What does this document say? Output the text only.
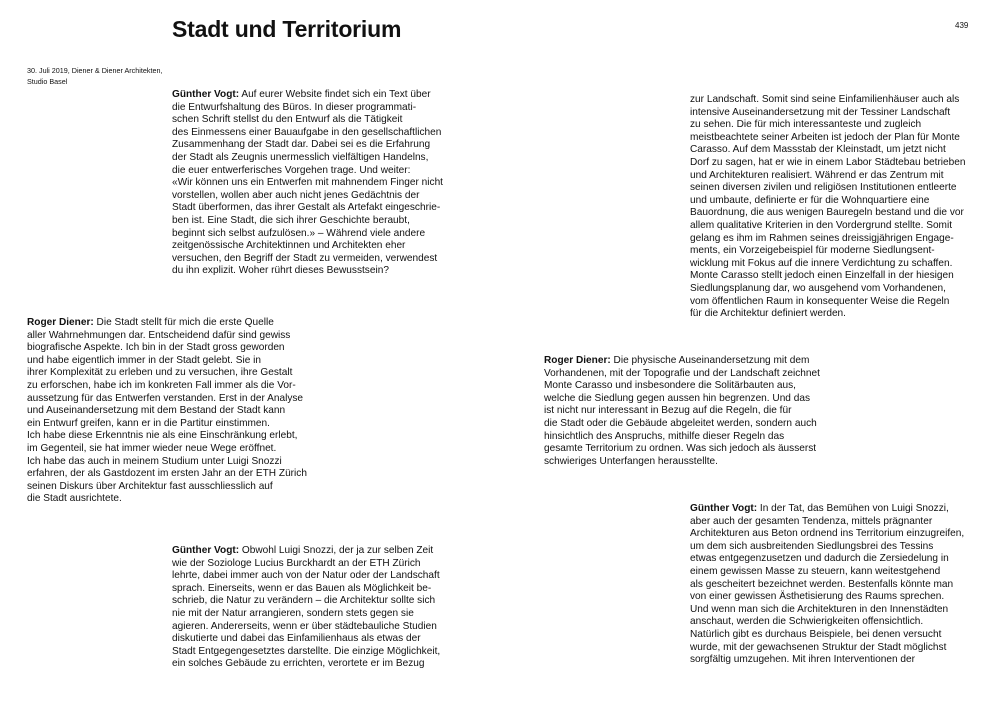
Stadt und Territorium	439
30. Juli 2019, Diener & Diener Architekten,
Studio Basel
Günther Vogt: Auf eurer Website findet sich ein Text über
die Entwurfshaltung des Büros. In dieser programmati-
schen Schrift stellst du den Entwurf als die Tätigkeit
des Einmessens einer Bauaufgabe in den gesellschaftlichen
Zusammenhang der Stadt dar. Dabei sei es die Erfahrung
der Stadt als Zeugnis unermesslich vielfältigen Handelns,
die euer entwerferisches Vorgehen trage. Und weiter:
«Wir können uns ein Entwerfen mit mahnendem Finger nicht
vorstellen, wollen aber auch nicht jenes Gedächtnis der
Stadt überformen, das ihrer Gestalt als Artefakt eingeschrie-
ben ist. Eine Stadt, die sich ihrer Geschichte beraubt,
beginnt sich selbst aufzulösen.» – Während viele andere
zeitgenössische Architektinnen und Architekten eher
versuchen, den Begriff der Stadt zu vermeiden, verwendest
du ihn explizit. Woher rührt dieses Bewusstsein?
Roger Diener: Die Stadt stellt für mich die erste Quelle
aller Wahrnehmungen dar. Entscheidend dafür sind gewiss
biografische Aspekte. Ich bin in der Stadt gross geworden
und habe eigentlich immer in der Stadt gelebt. Sie in
ihrer Komplexität zu erleben und zu versuchen, ihre Gestalt
zu erforschen, habe ich im konkreten Fall immer als die Vor-
aussetzung für das Entwerfen verstanden. Erst in der Analyse
und Auseinandersetzung mit dem Bestand der Stadt kann
ein Entwurf greifen, kann er in die Partitur einstimmen.
Ich habe diese Erkenntnis nie als eine Einschränkung erlebt,
im Gegenteil, sie hat immer wieder neue Wege eröffnet.
Ich habe das auch in meinem Studium unter Luigi Snozzi
erfahren, der als Gastdozent im ersten Jahr an der ETH Zürich
seinen Diskurs über Architektur fast ausschliesslich auf
die Stadt ausrichtete.
Günther Vogt: Obwohl Luigi Snozzi, der ja zur selben Zeit
wie der Soziologe Lucius Burckhardt an der ETH Zürich
lehrte, dabei immer auch von der Natur oder der Landschaft
sprach. Einerseits, wenn er das Bauen als Möglichkeit be-
schrieb, die Natur zu verändern – die Architektur sollte sich
nie mit der Natur arrangieren, sondern stets gegen sie
agieren. Andererseits, wenn er über städtebauliche Studien
diskutierte und dabei das Einfamilienhaus als etwas der
Stadt Entgegengesetztes darstellte. Die einzige Möglichkeit,
ein solches Gebäude zu errichten, verortete er im Bezug
zur Landschaft. Somit sind seine Einfamilienhäuser auch als
intensive Auseinandersetzung mit der Tessiner Landschaft
zu sehen. Die für mich interessanteste und zugleich
meistbeachtete seiner Arbeiten ist jedoch der Plan für Monte
Carasso. Auf dem Massstab der Kleinstadt, um jetzt nicht
Dorf zu sagen, hat er wie in einem Labor Städtebau betrieben
und Architekturen realisiert. Während er das Zentrum mit
seinen diversen zivilen und religiösen Institutionen entleerte
und umbaute, definierte er für die Wohnquartiere eine
Bauordnung, die aus wenigen Bauregeln bestand und die vor
allem qualitative Kriterien in den Vordergrund stellte. Somit
gelang es ihm im Rahmen seines dreissigjährigen Engage-
ments, ein Vorzeigebeispiel für moderne Siedlungsent-
wicklung mit Fokus auf die innere Verdichtung zu schaffen.
Monte Carasso stellt jedoch einen Einzelfall in der hiesigen
Siedlungsplanung dar, wo ausgehend vom Vorhandenen,
vom öffentlichen Raum in konsequenter Weise die Regeln
für die Architektur definiert werden.
Roger Diener: Die physische Auseinandersetzung mit dem
Vorhandenen, mit der Topografie und der Landschaft zeichnet
Monte Carasso und insbesondere die Solitärbauten aus,
welche die Siedlung gegen aussen hin begrenzen. Und das
ist nicht nur interessant in Bezug auf die Regeln, die für
die Stadt oder die Gebäude abgeleitet werden, sondern auch
hinsichtlich des Anspruchs, mithilfe dieser Regeln das
gesamte Territorium zu ordnen. Was sich jedoch als äusserst
schwieriges Unterfangen herausstellte.
Günther Vogt: In der Tat, das Bemühen von Luigi Snozzi,
aber auch der gesamten Tendenza, mittels prägnanter
Architekturen aus Beton ordnend ins Territorium einzugreifen,
um dem sich ausbreitenden Siedlungsbrei des Tessins
etwas entgegenzusetzen und dadurch die Zersiedelung in
einem gewissen Masse zu steuern, kann weitestgehend
als gescheitert bezeichnet werden. Bestenfalls könnte man
von einer gewissen Ästhetisierung des Raums sprechen.
Und wenn man sich die Architekturen in den Innenstädten
anschaut, werden die Schwierigkeiten offensichtlich.
Natürlich gibt es durchaus Beispiele, bei denen versucht
wurde, mit der gewachsenen Struktur der Stadt möglichst
sorgfältig umzugehen. Mit ihren Interventionen der
